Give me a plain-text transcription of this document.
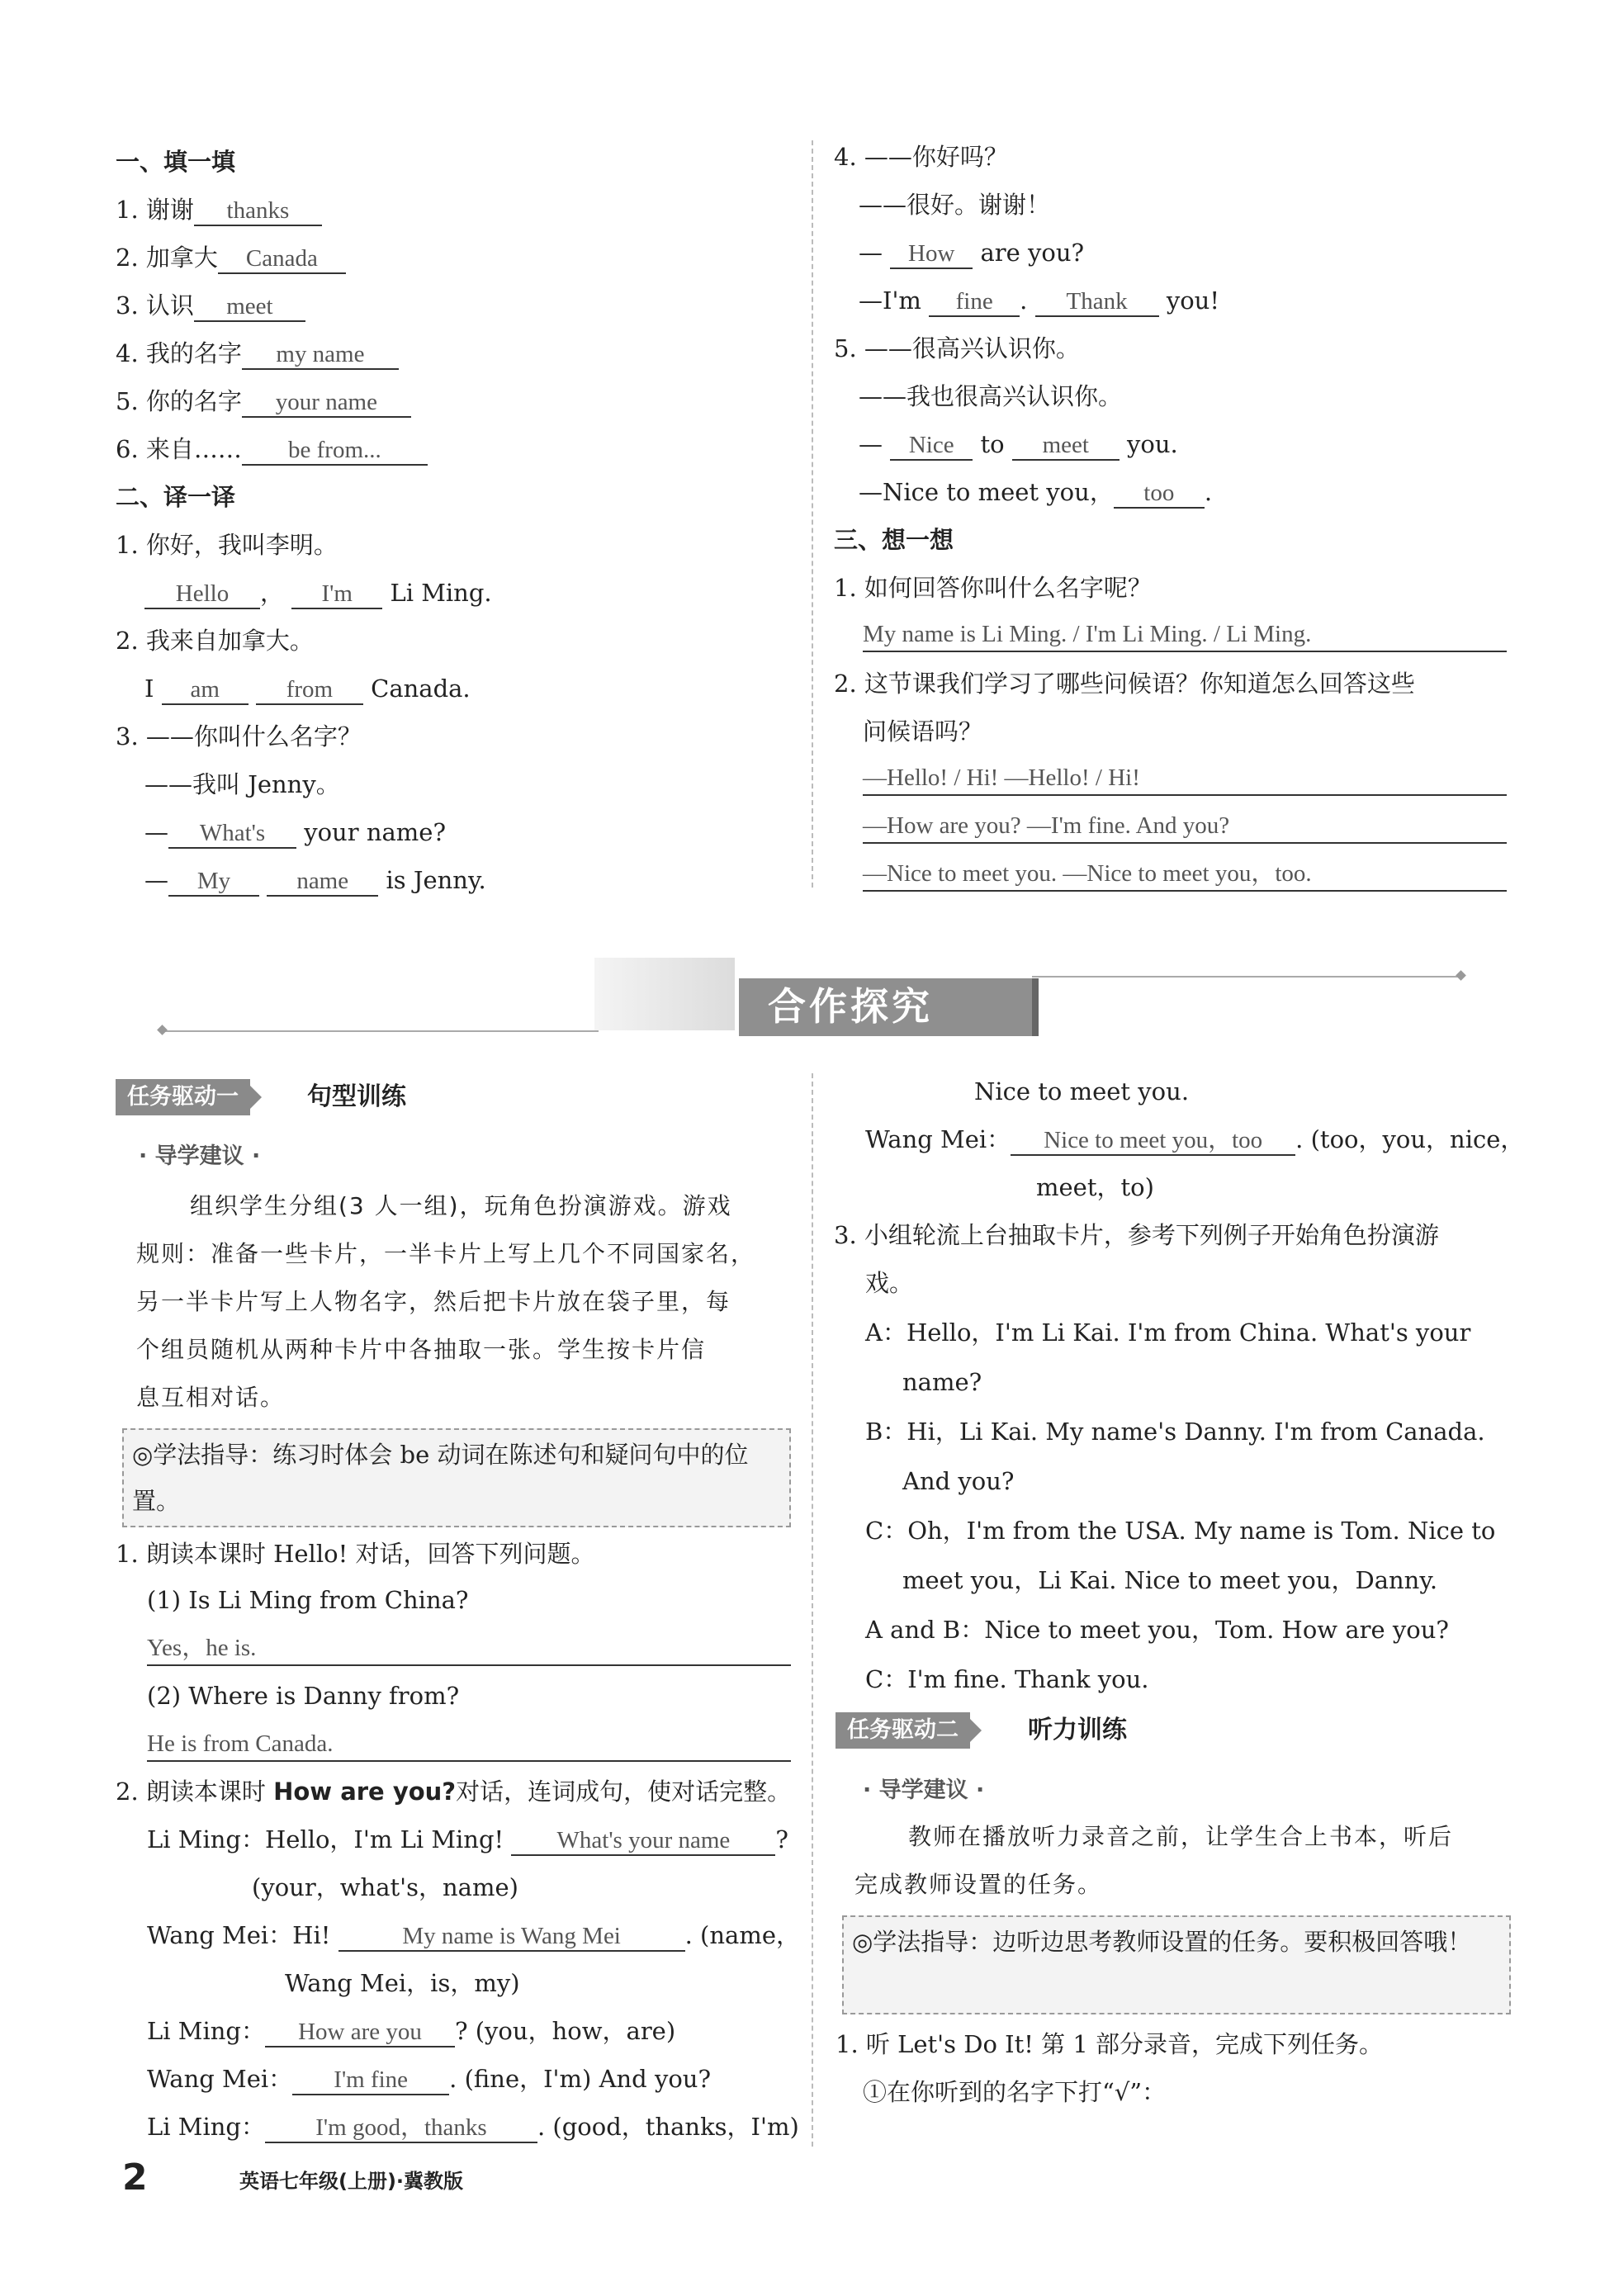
一、填一填
1. 谢谢 thanks
2. 加拿大 Canada
3. 认识 meet
4. 我的名字 my name
5. 你的名字 your name
6. 来自…… be from...
二、译一译
1. 你好，我叫李明。
Hello ， I'm Li Ming.
2. 我来自加拿大。
I am	from Canada.
3. ——你叫什么名字？
——我叫 Jenny。
— What's your name?
— My	name is Jenny.
4. ——你好吗？
——很好。谢谢！
— How are you?
—I'm fine . Thank you!
5. ——很高兴认识你。
——我也很高兴认识你。
— Nice to meet you.
—Nice to meet you， too .
三、想一想
1. 如何回答你叫什么名字呢？
My name is Li Ming. / I'm Li Ming. / Li Ming.
2. 这节课我们学习了哪些问候语？你知道怎么回答这些
问候语吗？
—Hello! / Hi! —Hello! / Hi!
—How are you? —I'm fine. And you?
—Nice to meet you. —Nice to meet you，too.
合作探究
任务驱动一	句型训练
· 导学建议 ·
组织学生分组(3 人一组)，玩角色扮演游戏。游戏
规则：准备一些卡片，一半卡片上写上几个不同国家名，
另一半卡片写上人物名字，然后把卡片放在袋子里，每
个组员随机从两种卡片中各抽取一张。学生按卡片信
息互相对话。
◎学法指导：练习时体会 be 动词在陈述句和疑问句中的位置。
1. 朗读本课时 Hello! 对话，回答下列问题。
(1) Is Li Ming from China?
Yes，he is.
(2) Where is Danny from?
He is from Canada.
2. 朗读本课时 How are you?对话，连词成句，使对话完整。
Li Ming：Hello，I'm Li Ming! What's your name ?
(your，what's，name)
Wang Mei：Hi!	My name is Wang Mei	. (name，
Wang Mei，is，my)
Li Ming： How are you ? (you，how，are)
Wang Mei： I'm fine . (fine，I'm) And you?
Li Ming： I'm good，thanks . (good，thanks，I'm)
Nice to meet you.
Wang Mei： Nice to meet you，too . (too，you，nice，
meet，to)
3. 小组轮流上台抽取卡片，参考下列例子开始角色扮演游
戏。
A：Hello，I'm Li Kai. I'm from China. What's your
name?
B：Hi，Li Kai. My name's Danny. I'm from Canada.
And you?
C：Oh，I'm from the USA. My name is Tom. Nice to
meet you，Li Kai. Nice to meet you，Danny.
A and B：Nice to meet you，Tom. How are you?
C：I'm fine. Thank you.
任务驱动二	听力训练
· 导学建议 ·
教师在播放听力录音之前，让学生合上书本，听后
完成教师设置的任务。
◎学法指导：边听边思考教师设置的任务。要积极回答哦！
1. 听 Let's Do It! 第 1 部分录音，完成下列任务。
①在你听到的名字下打“√”：
2	英语七年级(上册)·冀教版
